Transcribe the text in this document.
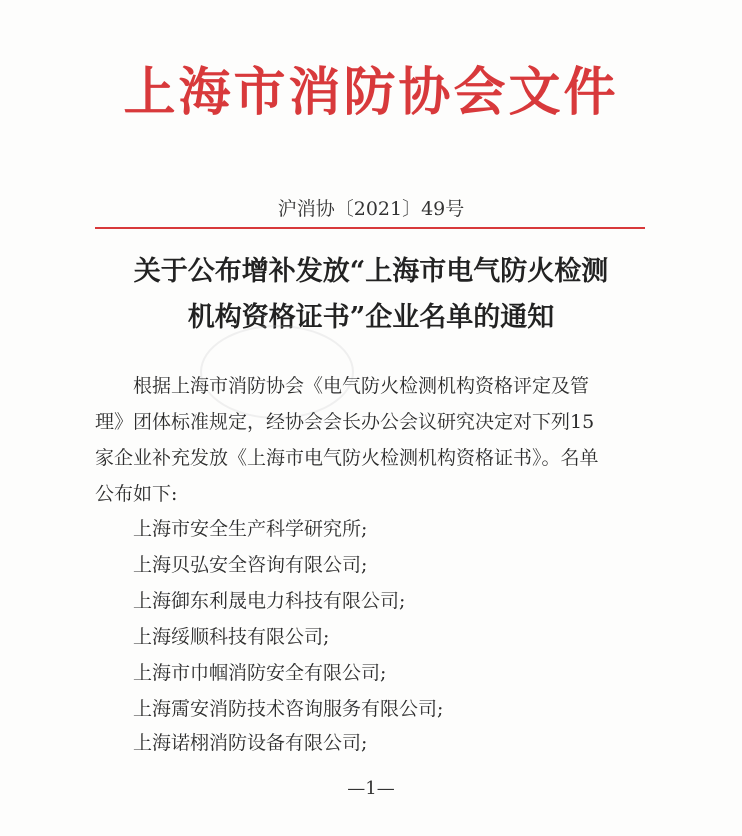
上海市消防协会文件
沪消协〔2021〕49号
关于公布增补发放“上海市电气防火检测
机构资格证书”企业名单的通知
根据上海市消防协会《电气防火检测机构资格评定及管
理》团体标准规定，经协会会长办公会议研究决定对下列15
家企业补充发放《上海市电气防火检测机构资格证书》。名单
公布如下:
上海市安全生产科学研究所;
上海贝弘安全咨询有限公司;
上海御东利晟电力科技有限公司;
上海绥顺科技有限公司;
上海市巾帼消防安全有限公司;
上海霌安消防技术咨询服务有限公司;
上海诺栩消防设备有限公司;
—1—
